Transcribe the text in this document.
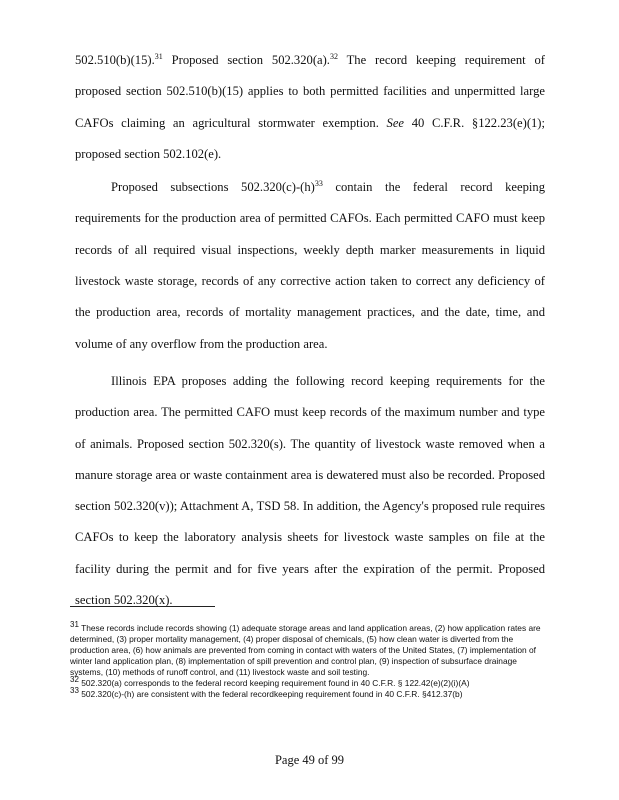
502.510(b)(15).$^{31}$ Proposed section 502.320(a).$^{32}$ The record keeping requirement of proposed section 502.510(b)(15) applies to both permitted facilities and unpermitted large CAFOs claiming an agricultural stormwater exemption. See 40 C.F.R. §122.23(e)(1); proposed section 502.102(e).

Proposed subsections $502.320(c)-(h)^{33}$ contain the federal record keeping requirements for the production area of permitted CAFOs. Each permitted CAFO must keep records of all required visual inspections, weekly depth marker measurements in liquid livestock waste storage, records of any corrective action taken to correct any deficiency of the production area, records of mortality management practices, and the date, time, and volume of any overflow from the production area.

Illinois EPA proposes adding the following record keeping requirements for the production area. The permitted CAFO must keep records of the maximum number and type of animals. Proposed section 502.320(s). The quantity of livestock waste removed when a manure storage area or waste containment area is dewatered must also be recorded. Proposed section 502.320(v)); Attachment A, TSD 58. In addition, the Agency's proposed rule requires CAFOs to keep the laboratory analysis sheets for livestock waste samples on file at the facility during the permit and for five years after the expiration of the permit. Proposed section 502.320(x).

$^{31}$ These records include records showing (1) adequate storage areas and land application areas, (2) how application rates are determined, (3) proper mortality management, (4) proper disposal of chemicals, (5) how clean water is diverted from the production area, (6) how animals are prevented from coming in contact with waters of the United States, (7) implementation of winter land application plan, (8) implementation of spill prevention and control plan, (9) inspection of subsurface drainage systems, (10) methods of runoff control, and (11) livestock waste and soil testing.

$^{32}$ 502.320(a) corresponds to the federal record keeping requirement found in 40 C.F.R. § 122.42(e)(2)(i)(A)

$^{33}$ 502.320(c)-(h) are consistent with the federal recordkeeping requirement found in 40 C.F.R. §412.37(b)

Page 49 of 99
